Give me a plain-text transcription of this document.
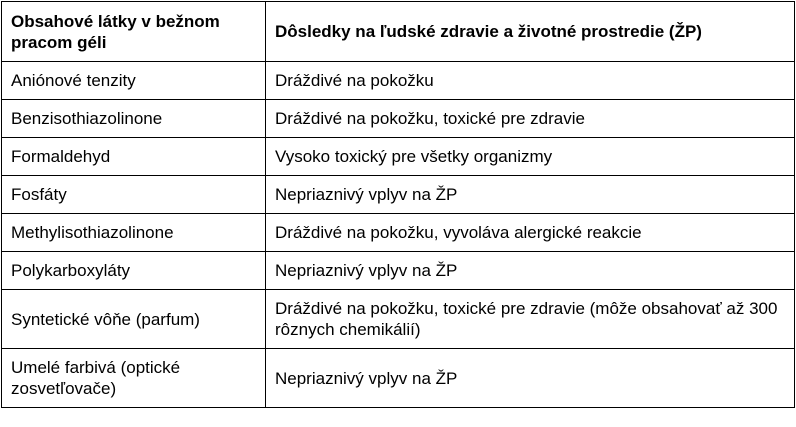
Obsahové látky v bežnom pracom géli	Dôsledky na ľudské zdravie a životné prostredie (ŽP)
Aniónové tenzity	Dráždivé na pokožku
Benzisothiazolinone	Dráždivé na pokožku, toxické pre zdravie
Formaldehyd	Vysoko toxický pre všetky organizmy
Fosfáty	Nepriaznivý vplyv na ŽP
Methylisothiazolinone	Dráždivé na pokožku, vyvoláva alergické reakcie
Polykarboxyláty	Nepriaznivý vplyv na ŽP
Syntetické vôňe (parfum)	Dráždivé na pokožku, toxické pre zdravie (môže obsahovať až 300 rôznych chemikálií)
Umelé farbivá (optické zosvetľovače)	Nepriaznivý vplyv na ŽP
